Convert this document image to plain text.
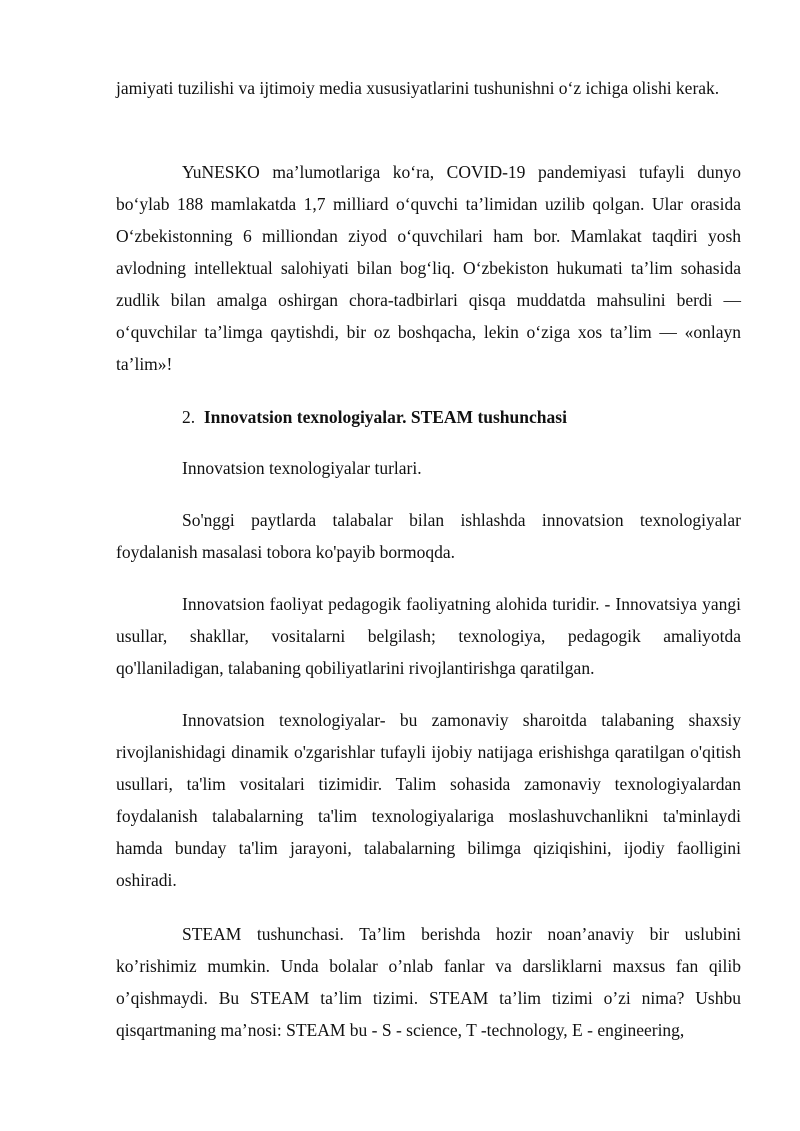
jamiyati tuzilishi va ijtimoiy media xususiyatlarini tushunishni o‘z ichiga olishi kerak.

YuNESKO ma’lumotlariga ko‘ra, COVID-19 pandemiyasi tufayli dunyo bo‘ylab 188 mamlakatda 1,7 milliard o‘quvchi ta’limidan uzilib qolgan. Ular orasida O‘zbekistonning 6 milliondan ziyod o‘quvchilari ham bor. Mamlakat taqdiri yosh avlodning intellektual salohiyati bilan bog‘liq. O‘zbekiston hukumati ta’lim sohasida zudlik bilan amalga oshirgan chora-tadbirlari qisqa muddatda mahsulini berdi — o‘quvchilar ta’limga qaytishdi, bir oz boshqacha, lekin o‘ziga xos ta’lim — «onlayn ta’lim»!

2. Innovatsion texnologiyalar. STEAM tushunchasi

Innovatsion texnologiyalar turlari.

So'nggi paytlarda talabalar bilan ishlashda innovatsion texnologiyalar foydalanish masalasi tobora ko'payib bormoqda.

Innovatsion faoliyat pedagogik faoliyatning alohida turidir. - Innovatsiya yangi usullar, shakllar, vositalarni belgilash; texnologiya, pedagogik amaliyotda qo'llaniladigan, talabaning qobiliyatlarini rivojlantirishga qaratilgan.

Innovatsion texnologiyalar- bu zamonaviy sharoitda talabaning shaxsiy rivojlanishidagi dinamik o'zgarishlar tufayli ijobiy natijaga erishishga qaratilgan o'qitish usullari, ta'lim vositalari tizimidir. Talim sohasida zamonaviy texnologiyalardan foydalanish talabalarning ta'lim texnologiyalariga moslashuvchanlikni ta'minlaydi hamda bunday ta'lim jarayoni, talabalarning bilimga qiziqishini, ijodiy faolligini oshiradi.

STEAM tushunchasi. Ta’lim berishda hozir noan’anaviy bir uslubini ko’rishimiz mumkin. Unda bolalar o’nlab fanlar va darsliklarni maxsus fan qilib o’qishmaydi. Bu STEAM ta’lim tizimi. STEAM ta’lim tizimi o’zi nima? Ushbu qisqartmaning ma’nosi: STEAM bu - S - science, T -technology, E - engineering,
